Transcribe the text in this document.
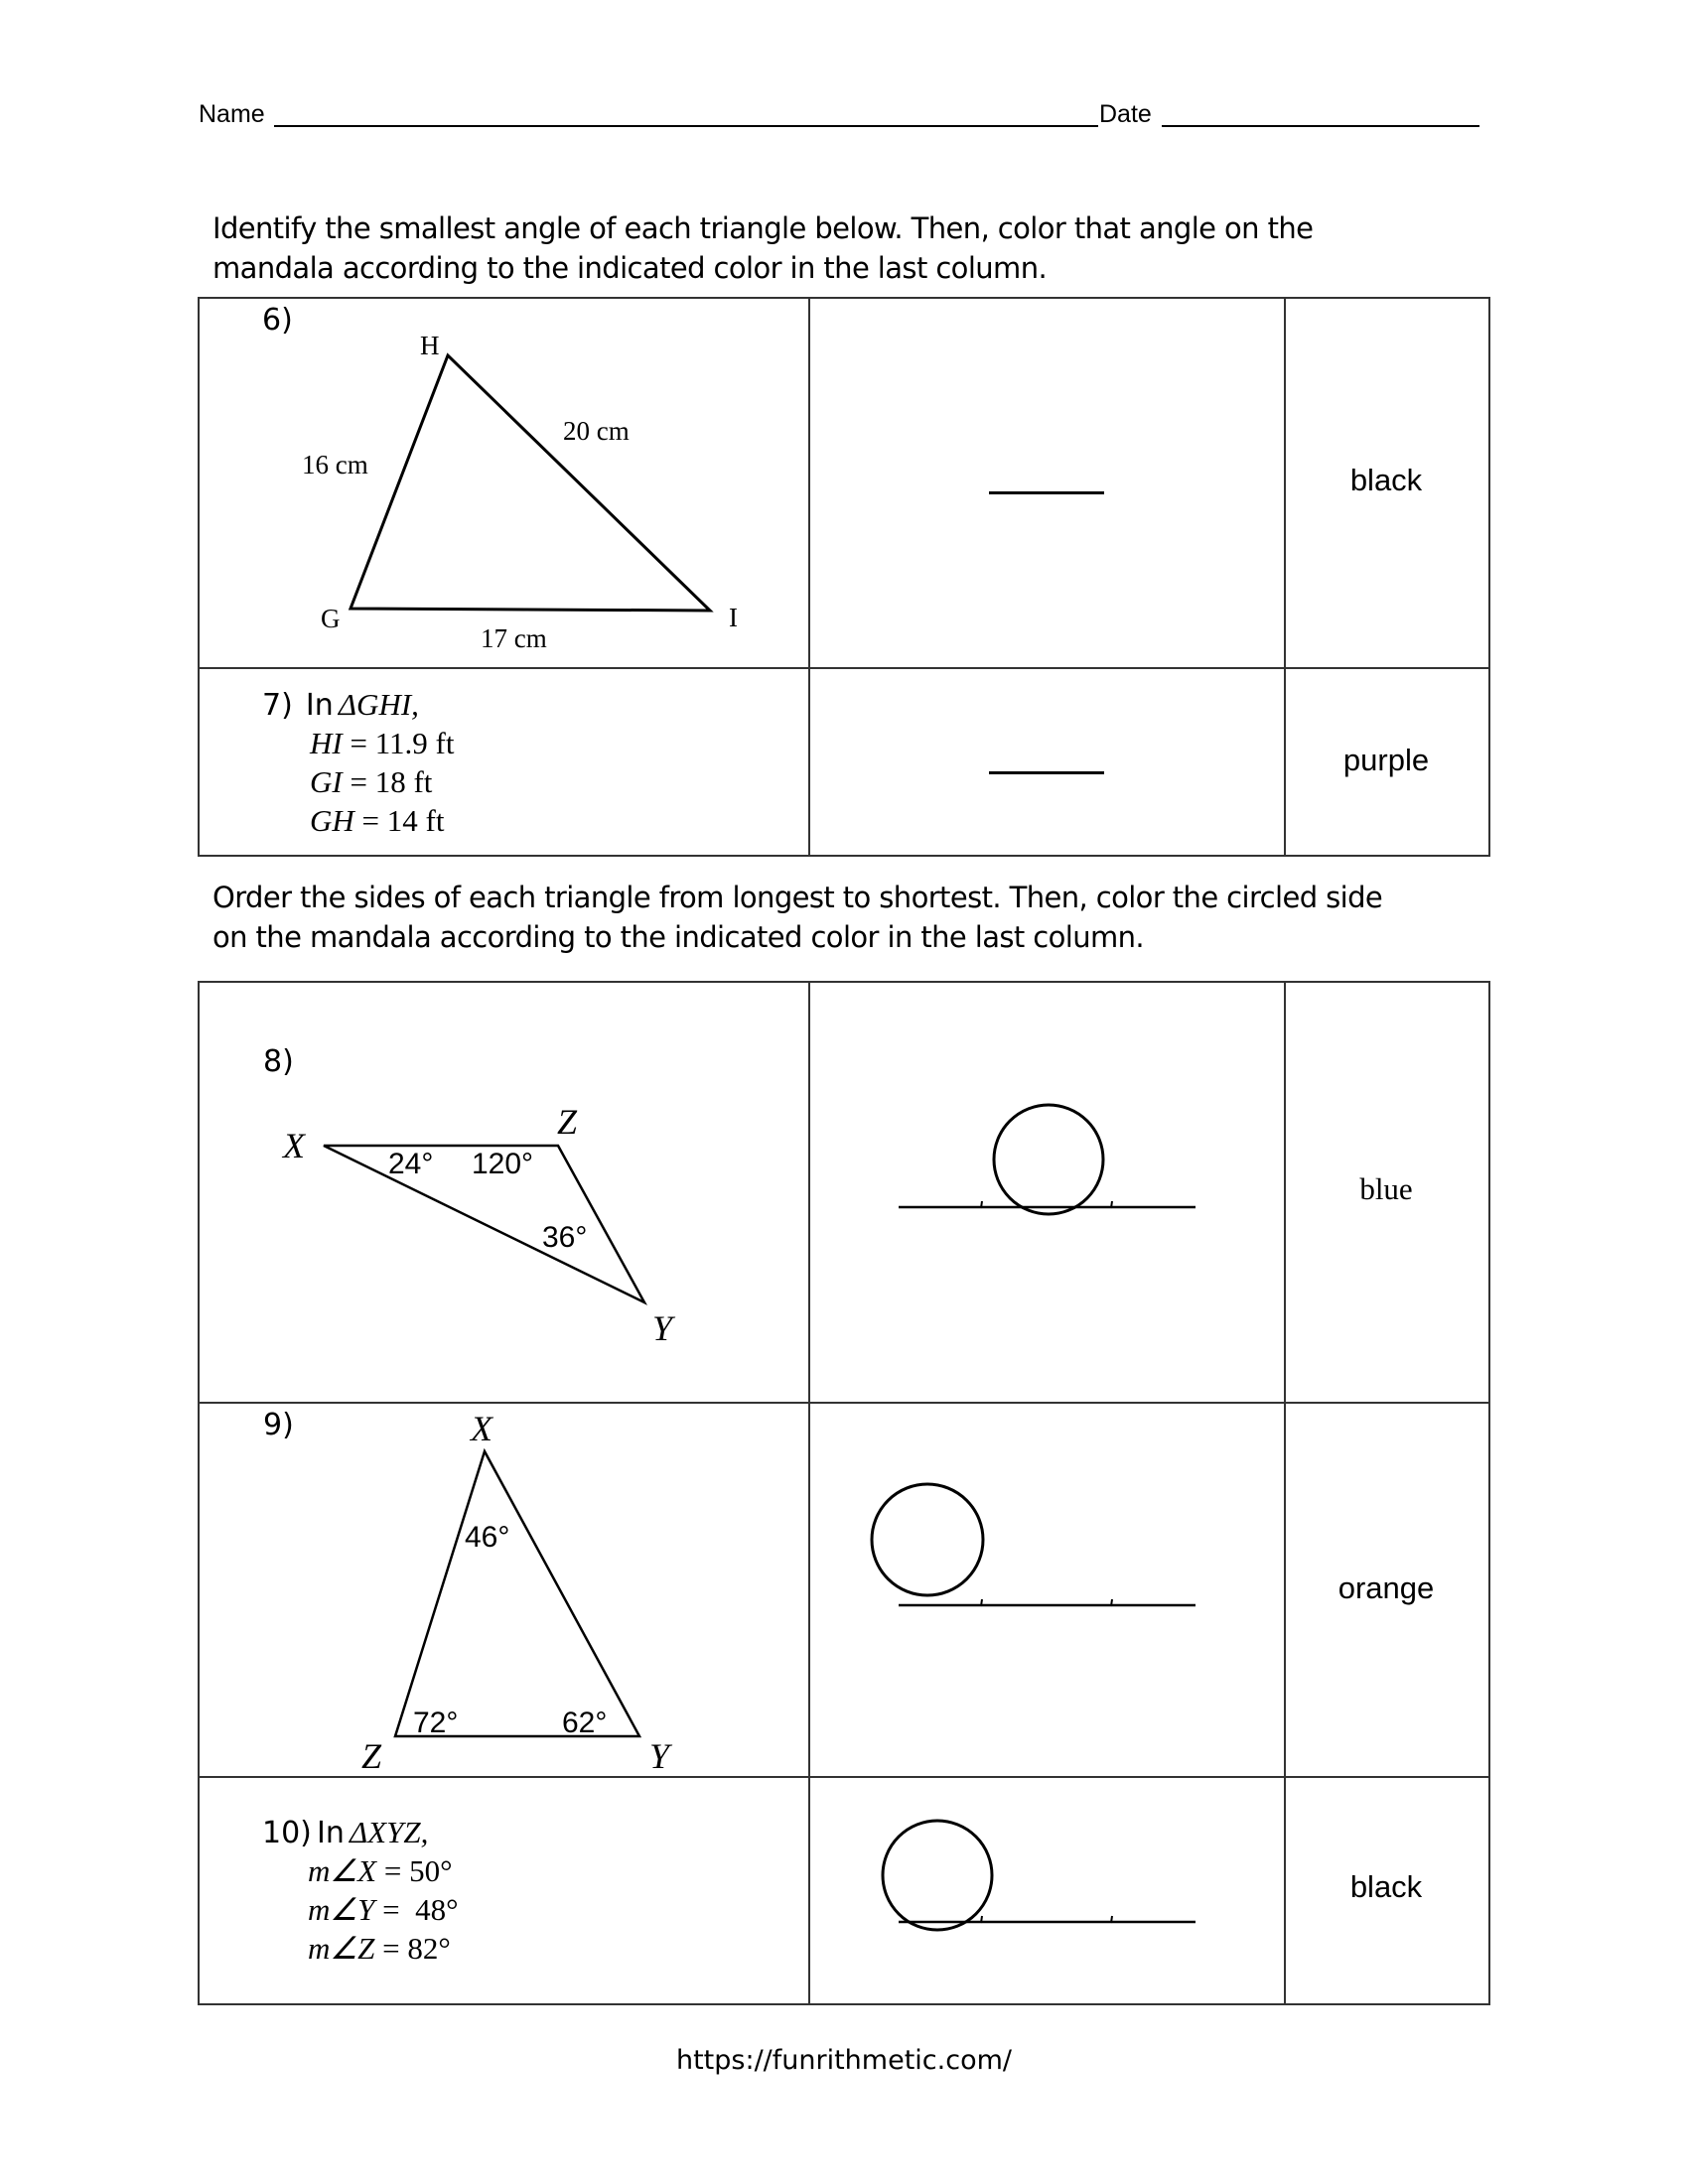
Name	Date
Identify the smallest angle of each triangle below. Then, color that angle on the
mandala according to the indicated color in the last column.
6)
H
G	I
16 cm
20 cm
17 cm
black
7) In ΔGHI,
HI = 11.9 ft
GI = 18 ft
GH = 14 ft
purple
Order the sides of each triangle from longest to shortest. Then, color the circled side
on the mandala according to the indicated color in the last column.
8)
X
Z
Y
24° 120°
36°
blue
9)	X
Z	Y
46°
72°	62°
orange
10) In ΔXYZ,
m∠X = 50°
m∠Y =  48°
m∠Z = 82°
black
https://funrithmetic.com/
